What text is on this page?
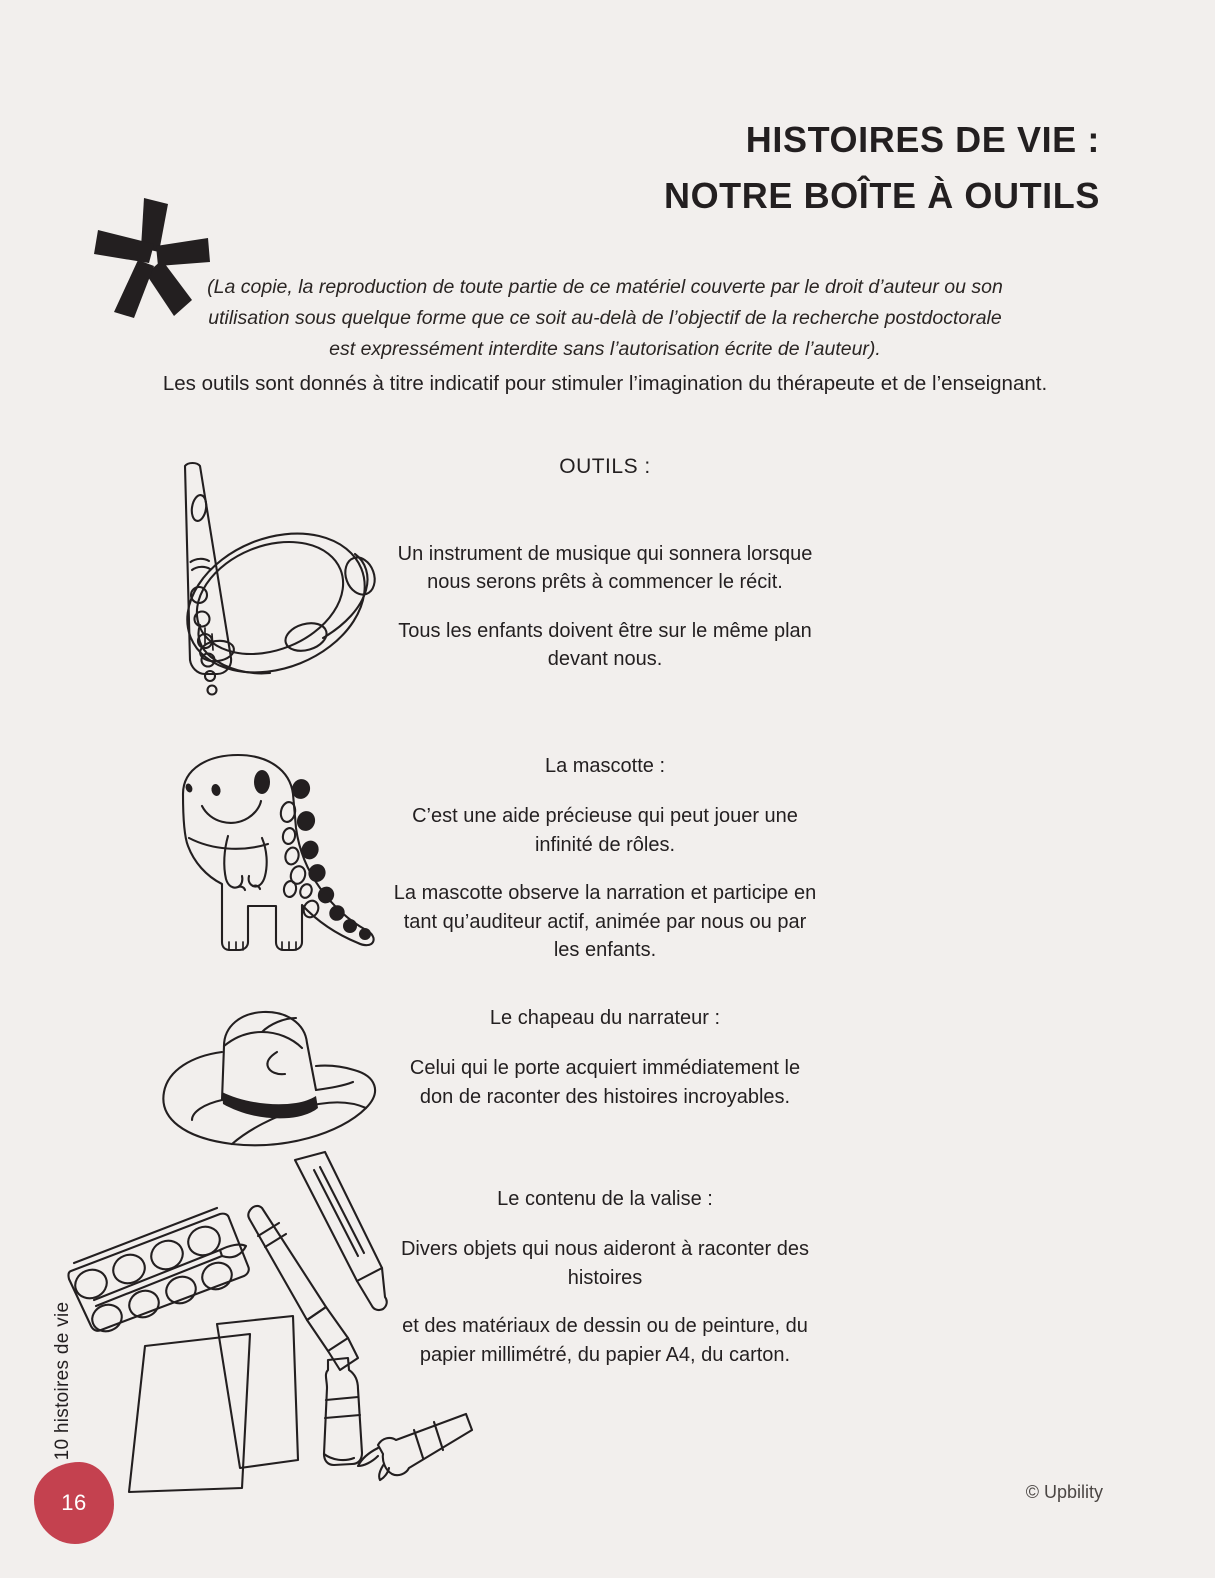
HISTOIRES DE VIE :
NOTRE BOÎTE À OUTILS
(La copie, la reproduction de toute partie de ce matériel couverte par le droit d’auteur ou son utilisation sous quelque forme que ce soit au-delà de l’objectif de la recherche postdoctorale est expressément interdite sans l’autorisation écrite de l’auteur).
Les outils sont donnés à titre indicatif pour stimuler l’imagination du thérapeute et de l’enseignant.
OUTILS :

Un instrument de musique qui sonnera lorsque nous serons prêts à commencer le récit.

Tous les enfants doivent être sur le même plan devant nous.

La mascotte :

C’est une aide précieuse qui peut jouer une infinité de rôles.

La mascotte observe la narration et participe en tant qu’auditeur actif, animée par nous ou par les enfants.

Le chapeau du narrateur :

Celui qui le porte acquiert immédiatement le don de raconter des histoires incroyables.

Le contenu de la valise :

Divers objets qui nous aideront à raconter des histoires

et des matériaux de dessin ou de peinture, du papier millimétré, du papier A4, du carton.

10 histoires de vie
16	© Upbility
